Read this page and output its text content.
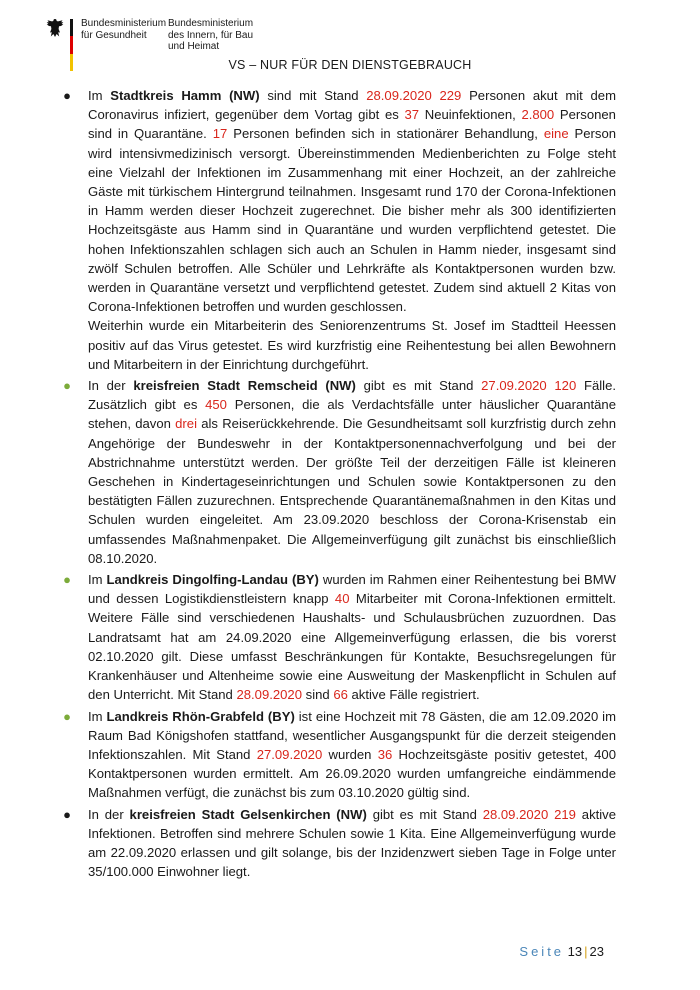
Bundesministerium
für Gesundheit
Bundesministerium
des Innern, für Bau
und Heimat
VS – NUR FÜR DEN DIENSTGEBRAUCH
● Im Stadtkreis Hamm (NW) sind mit Stand 28.09.2020 229 Personen akut mit dem Coronavirus infiziert, gegenüber dem Vortag gibt es 37 Neuinfektionen, 2.800 Personen sind in Quarantäne. 17 Personen befinden sich in stationärer Behandlung, eine Person wird intensivmedizinisch versorgt. Übereinstimmenden Medienberichten zu Folge steht eine Vielzahl der Infektionen im Zusammenhang mit einer Hochzeit, an der zahlreiche Gäste mit türkischem Hintergrund teilnahmen. Insgesamt rund 170 der Corona-Infektionen in Hamm werden dieser Hochzeit zugerechnet. Die bisher mehr als 300 identifizierten Hochzeitsgäste aus Hamm sind in Quarantäne und wurden verpflichtend getestet. Die hohen Infektionszahlen schlagen sich auch an Schulen in Hamm nieder, insgesamt sind zwölf Schulen betroffen. Alle Schüler und Lehrkräfte als Kontaktpersonen wurden bzw. werden in Quarantäne versetzt und verpflichtend getestet. Zudem sind aktuell 2 Kitas von Corona-Infektionen betroffen und wurden geschlossen.
Weiterhin wurde ein Mitarbeiterin des Seniorenzentrums St. Josef im Stadtteil Heessen positiv auf das Virus getestet. Es wird kurzfristig eine Reihentestung bei allen Bewohnern und Mitarbeitern in der Einrichtung durchgeführt.
● In der kreisfreien Stadt Remscheid (NW) gibt es mit Stand 27.09.2020 120 Fälle. Zusätzlich gibt es 450 Personen, die als Verdachtsfälle unter häuslicher Quarantäne stehen, davon drei als Reiserückkehrende. Die Gesundheitsamt soll kurzfristig durch zehn Angehörige der Bundeswehr in der Kontaktpersonennachverfolgung und bei der Abstrichnahme unterstützt werden. Der größte Teil der derzeitigen Fälle ist kleineren Geschehen in Kindertageseinrichtungen und Schulen sowie Kontaktpersonen zu den bestätigten Fällen zuzurechnen. Entsprechende Quarantänemaßnahmen in den Kitas und Schulen wurden eingeleitet. Am 23.09.2020 beschloss der Corona-Krisenstab ein umfassendes Maßnahmenpaket. Die Allgemeinverfügung gilt zunächst bis einschließlich 08.10.2020.
● Im Landkreis Dingolfing-Landau (BY) wurden im Rahmen einer Reihentestung bei BMW und dessen Logistikdienstleistern knapp 40 Mitarbeiter mit Corona-Infektionen ermittelt. Weitere Fälle sind verschiedenen Haushalts- und Schulausbrüchen zuzuordnen. Das Landratsamt hat am 24.09.2020 eine Allgemeinverfügung erlassen, die bis vorerst 02.10.2020 gilt. Diese umfasst Beschränkungen für Kontakte, Besuchsregelungen für Krankenhäuser und Altenheime sowie eine Ausweitung der Maskenpflicht in Schulen auf den Unterricht. Mit Stand 28.09.2020 sind 66 aktive Fälle registriert.
● Im Landkreis Rhön-Grabfeld (BY) ist eine Hochzeit mit 78 Gästen, die am 12.09.2020 im Raum Bad Königshofen stattfand, wesentlicher Ausgangspunkt für die derzeit steigenden Infektionszahlen. Mit Stand 27.09.2020 wurden 36 Hochzeitsgäste positiv getestet, 400 Kontaktpersonen wurden ermittelt. Am 26.09.2020 wurden umfangreiche eindämmende Maßnahmen verfügt, die zunächst bis zum 03.10.2020 gültig sind.
● In der kreisfreien Stadt Gelsenkirchen (NW) gibt es mit Stand 28.09.2020 219 aktive Infektionen. Betroffen sind mehrere Schulen sowie 1 Kita. Eine Allgemeinverfügung wurde am 22.09.2020 erlassen und gilt solange, bis der Inzidenzwert sieben Tage in Folge unter 35/100.000 Einwohner liegt.
Seite 13 | 23
